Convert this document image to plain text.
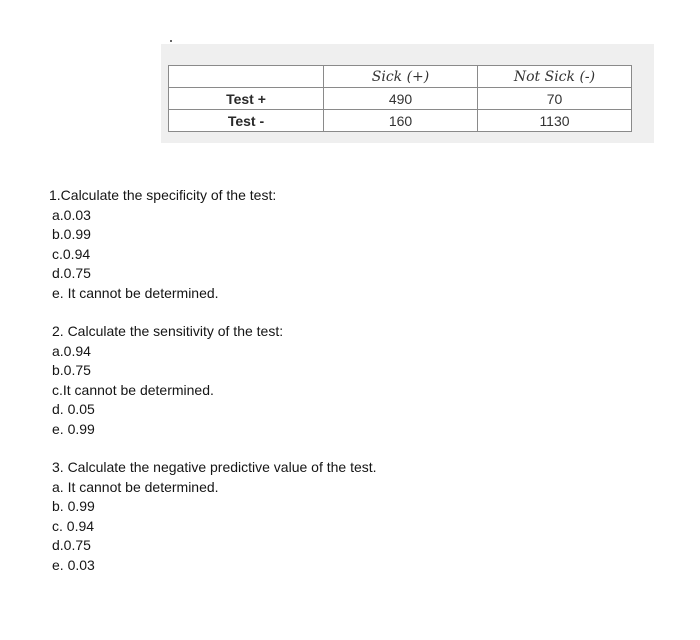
	Sick (+)	Not Sick (-)
Test +	490	70
Test -	160	1130
1.Calculate the specificity of the test:
a.0.03
b.0.99
c.0.94
d.0.75
e. It cannot be determined.
2. Calculate the sensitivity of the test:
a.0.94
b.0.75
c.It cannot be determined.
d. 0.05
e. 0.99
3. Calculate the negative predictive value of the test.
a. It cannot be determined.
b. 0.99
c. 0.94
d.0.75
e. 0.03
